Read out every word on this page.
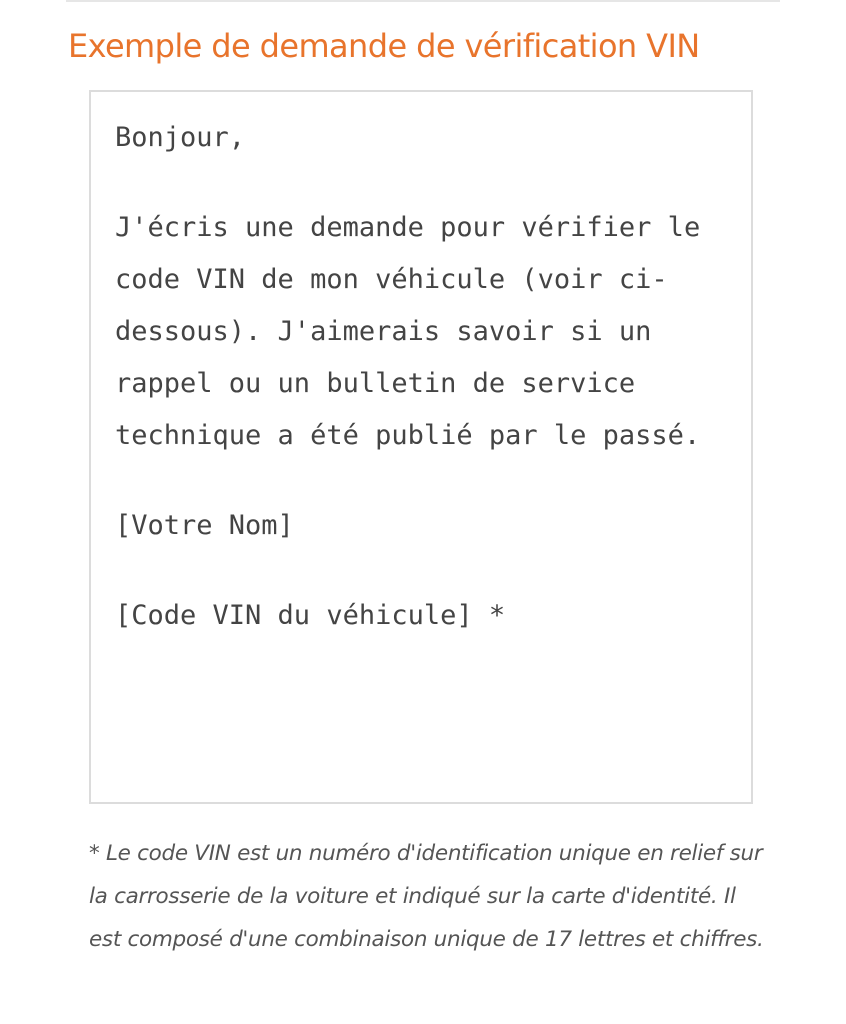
Exemple de demande de vérification VIN

Bonjour,

J'écris une demande pour vérifier le code VIN de mon véhicule (voir ci-dessous). J'aimerais savoir si un rappel ou un bulletin de service technique a été publié par le passé.

[Votre Nom]

[Code VIN du véhicule] *

* Le code VIN est un numéro d'identification unique en relief sur la carrosserie de la voiture et indiqué sur la carte d'identité. Il est composé d'une combinaison unique de 17 lettres et chiffres.
